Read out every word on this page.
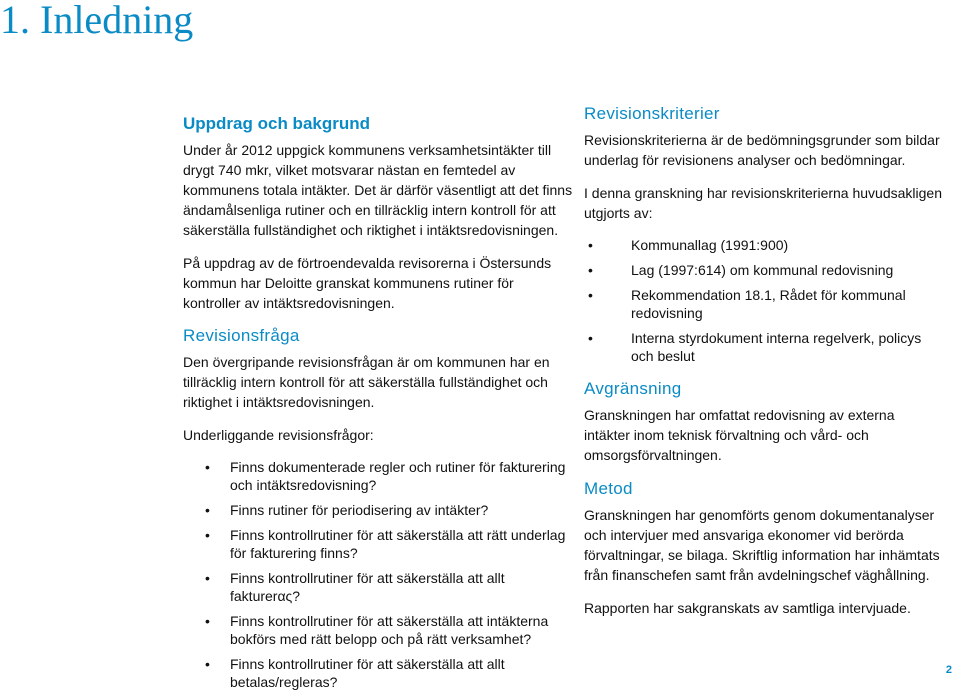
1. Inledning
Uppdrag och bakgrund

Under år 2012 uppgick kommunens verksamhetsintäkter till drygt 740 mkr, vilket motsvarar nästan en femtedel av kommunens totala intäkter. Det är därför väsentligt att det finns ändamålsenliga rutiner och en tillräcklig intern kontroll för att säkerställa fullständighet och riktighet i intäktsredovisningen.

På uppdrag av de förtroendevalda revisorerna i Östersunds kommun har Deloitte granskat kommunens rutiner för kontroller av intäktsredovisningen.

Revisionsfråga

Den övergripande revisionsfrågan är om kommunen har en tillräcklig intern kontroll för att säkerställa fullständighet och riktighet i intäktsredovisningen.

Underliggande revisionsfrågor:

• Finns dokumenterade regler och rutiner för fakturering och intäktsredovisning?
• Finns rutiner för periodisering av intäkter?
• Finns kontrollrutiner för att säkerställa att rätt underlag för fakturering finns?
• Finns kontrollrutiner för att säkerställa att allt fakturerας?
• Finns kontrollrutiner för att säkerställa att intäkterna bokförs med rätt belopp och på rätt verksamhet?
• Finns kontrollrutiner för att säkerställa att allt betalas/regleras?
Revisionskriterier

Revisionskriterierna är de bedömningsgrunder som bildar underlag för revisionens analyser och bedömningar.

I denna granskning har revisionskriterierna huvudsakligen utgjorts av:

•	Kommunallag (1991:900)
•	Lag (1997:614) om kommunal redovisning
•	Rekommendation 18.1, Rådet för kommunal redovisning
•	Interna styrdokument interna regelverk, policys och beslut
Avgränsning

Granskningen har omfattat redovisning av externa intäkter inom teknisk förvaltning och vård- och omsorgsförvaltningen.

Metod

Granskningen har genomförts genom dokumentanalyser och intervjuer med ansvariga ekonomer vid berörda förvaltningar, se bilaga. Skriftlig information har inhämtats från finanschefen samt från avdelningschef väghållning.

Rapporten har sakgranskats av samtliga intervjuade.

2
